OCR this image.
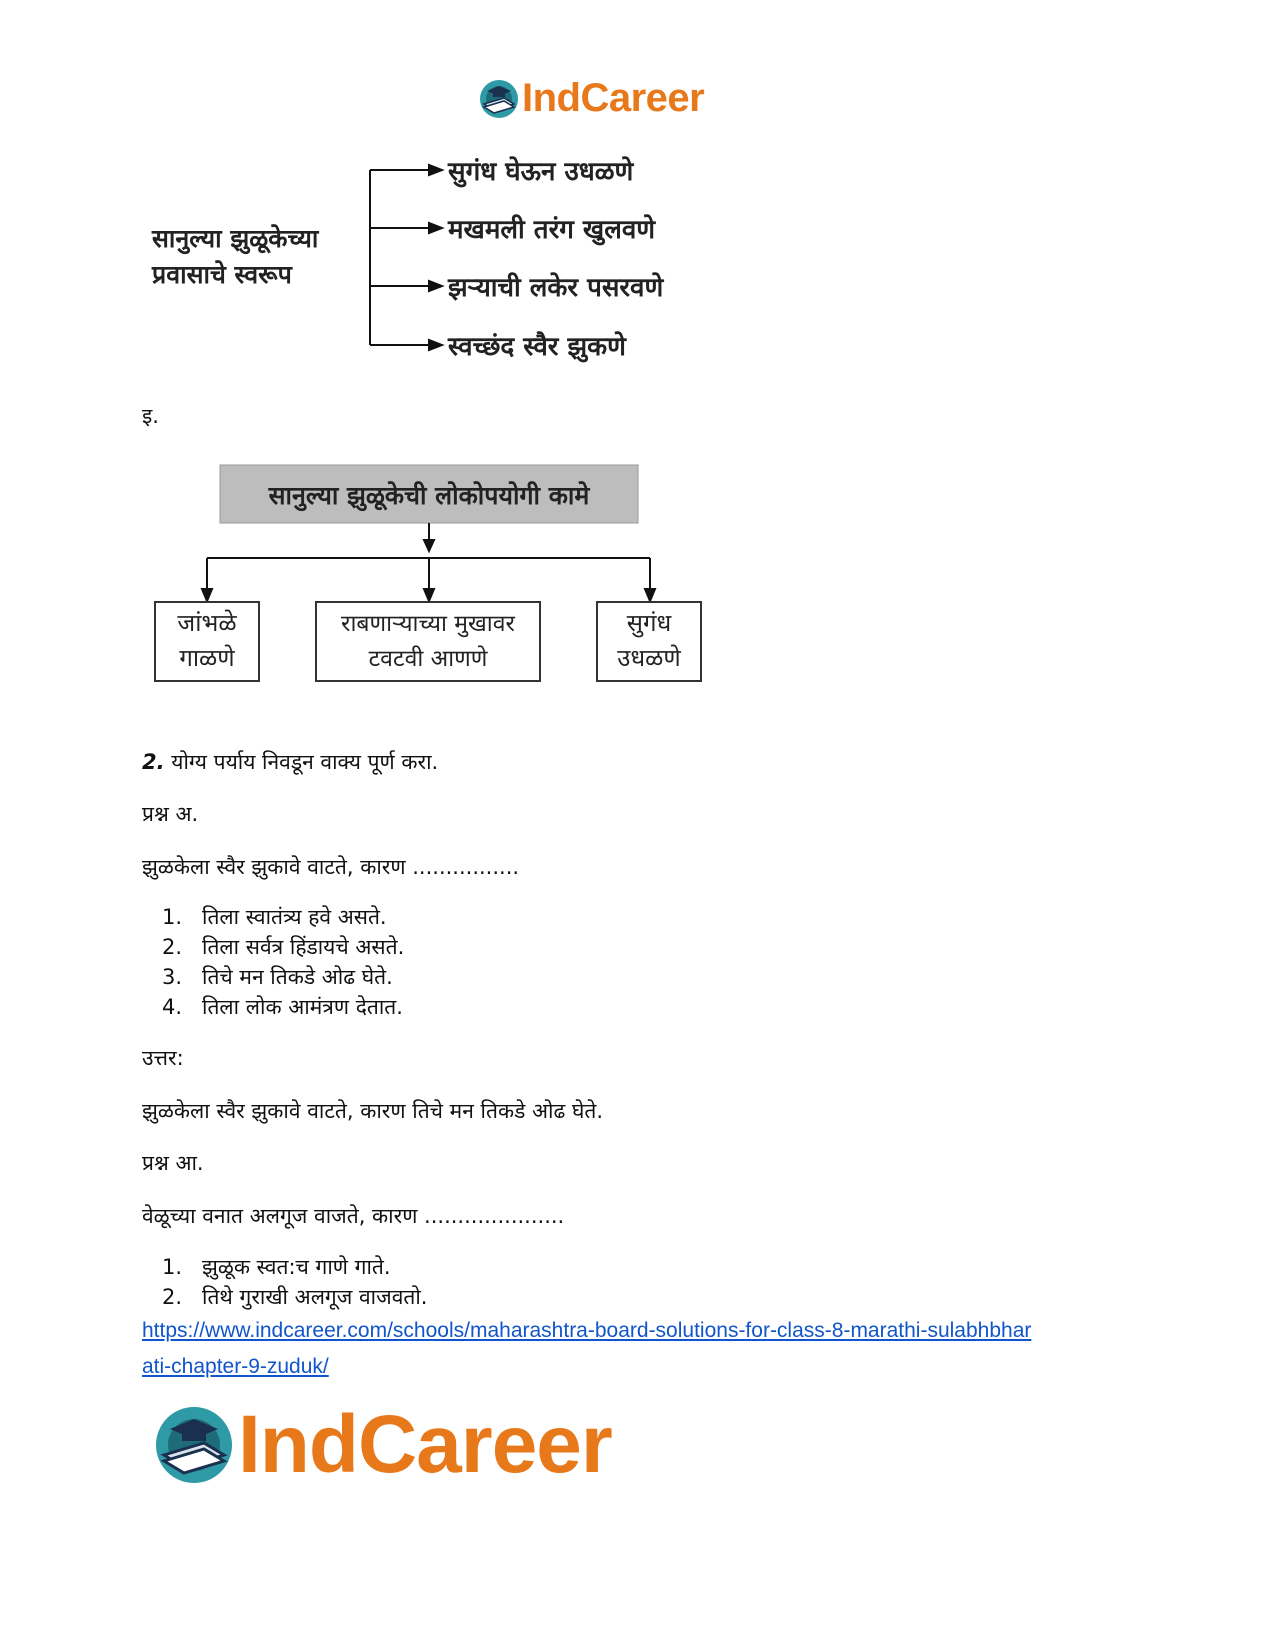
IndCareer
सानुल्या झुळूकेच्या
प्रवासाचे स्वरूप
सुगंध घेऊन उधळणे
मखमली तरंग खुलवणे
झऱ्याची लकेर पसरवणे
स्वच्छंद स्वैर झुकणे
इ.
सानुल्या झुळूकेची लोकोपयोगी कामे
जांभळे
गाळणे
राबणाऱ्याच्या मुखावर
टवटवी आणणे
सुगंध
उधळणे
2. योग्य पर्याय निवडून वाक्य पूर्ण करा.
प्रश्न अ.
झुळकेला स्वैर झुकावे वाटते, कारण ................
1. तिला स्वातंत्र्य हवे असते.
2. तिला सर्वत्र हिंडायचे असते.
3. तिचे मन तिकडे ओढ घेते.
4. तिला लोक आमंत्रण देतात.
उत्तर:
झुळकेला स्वैर झुकावे वाटते, कारण तिचे मन तिकडे ओढ घेते.
प्रश्न आ.
वेळूच्या वनात अलगूज वाजते, कारण .....................
1. झुळूक स्वत:च गाणे गाते.
2. तिथे गुराखी अलगूज वाजवतो.
https://www.indcareer.com/schools/maharashtra-board-solutions-for-class-8-marathi-sulabhbhar
ati-chapter-9-zuduk/
IndCareer
